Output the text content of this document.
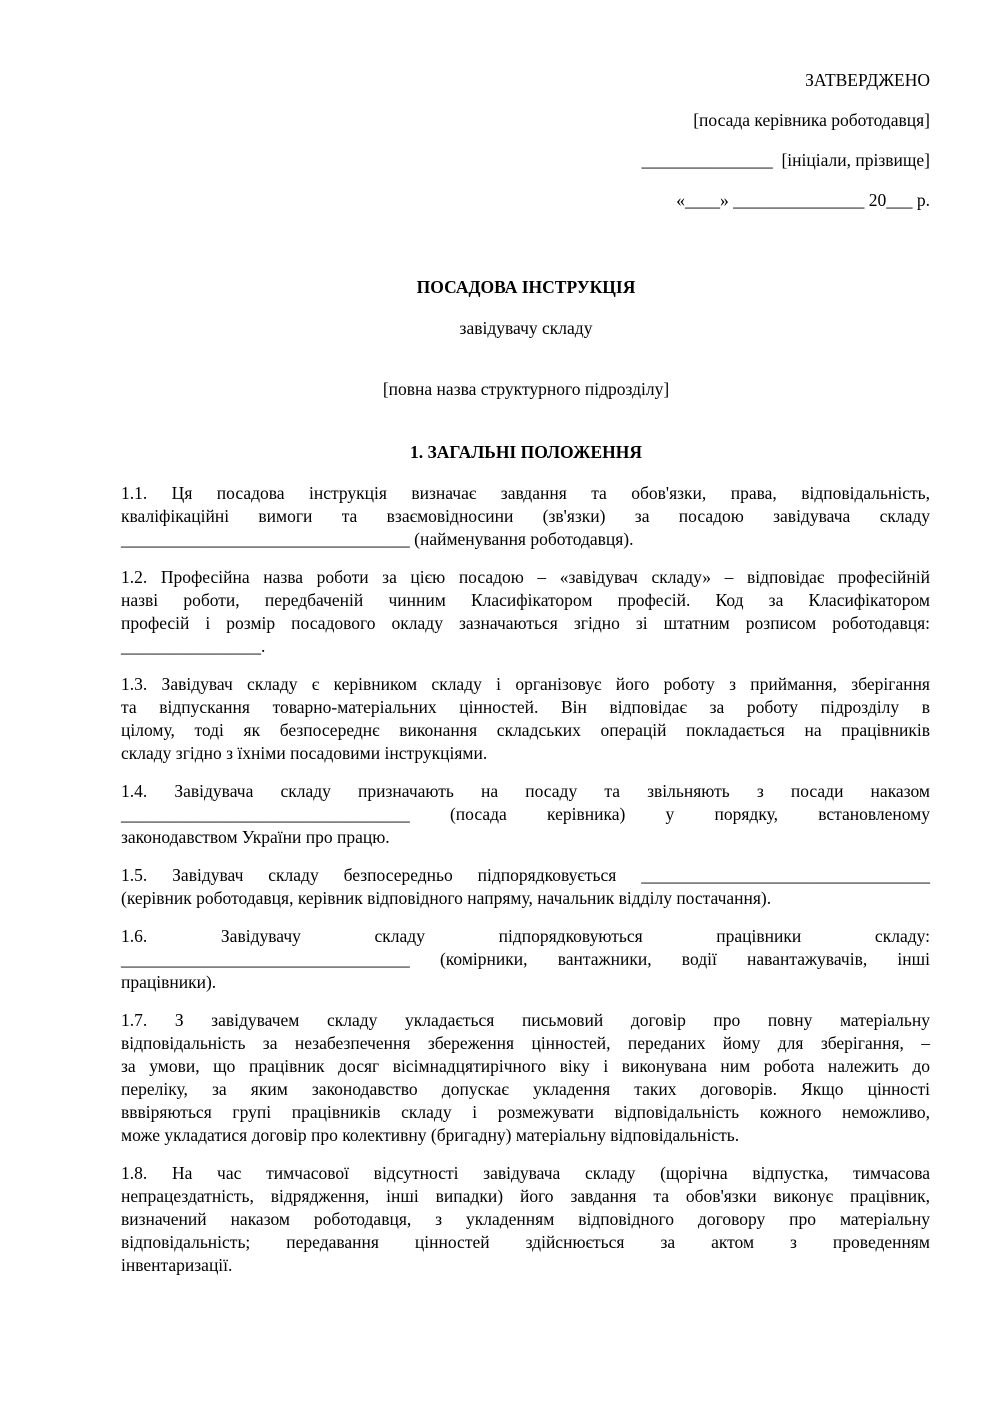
ЗАТВЕРДЖЕНО
[посада керівника роботодавця]
_______________  [ініціали, прізвище]
«____» _______________ 20___ р.
ПОСАДОВА ІНСТРУКЦІЯ
завідувачу складу
[повна назва структурного підрозділу]
1. ЗАГАЛЬНІ ПОЛОЖЕННЯ
1.1. Ця посадова інструкція визначає завдання та обов'язки, права, відповідальність,
кваліфікаційні вимоги та взаємовідносини (зв'язки) за посадою завідувача складу
_________________________________ (найменування роботодавця).
1.2. Професійна назва роботи за цією посадою – «завідувач складу» – відповідає професійній
назві роботи, передбаченій чинним Класифікатором професій. Код за Класифікатором
професій і розмір посадового окладу зазначаються згідно зі штатним розписом роботодавця:
________________.
1.3. Завідувач складу є керівником складу і організовує його роботу з приймання, зберігання
та відпускання товарно-матеріальних цінностей. Він відповідає за роботу підрозділу в
цілому, тоді як безпосереднє виконання складських операцій покладається на працівників
складу згідно з їхніми посадовими інструкціями.
1.4. Завідувача складу призначають на посаду та звільняють з посади наказом
_________________________________ (посада керівника) у порядку, встановленому
законодавством України про працю.
1.5. Завідувач складу безпосередньо підпорядковується _________________________________
(керівник роботодавця, керівник відповідного напряму, начальник відділу постачання).
1.6. Завідувачу складу підпорядковуються працівники складу:
_________________________________ (комірники, вантажники, водії навантажувачів, інші
працівники).
1.7. З завідувачем складу укладається письмовий договір про повну матеріальну
відповідальність за незабезпечення збереження цінностей, переданих йому для зберігання, –
за умови, що працівник досяг вісімнадцятирічного віку і виконувана ним робота належить до
переліку, за яким законодавство допускає укладення таких договорів. Якщо цінності
вввіряються групі працівників складу і розмежувати відповідальність кожного неможливо,
може укладатися договір про колективну (бригадну) матеріальну відповідальність.
1.8. На час тимчасової відсутності завідувача складу (щорічна відпустка, тимчасова
непрацездатність, відрядження, інші випадки) його завдання та обов'язки виконує працівник,
визначений наказом роботодавця, з укладенням відповідного договору про матеріальну
відповідальність; передавання цінностей здійснюється за актом з проведенням
інвентаризації.
